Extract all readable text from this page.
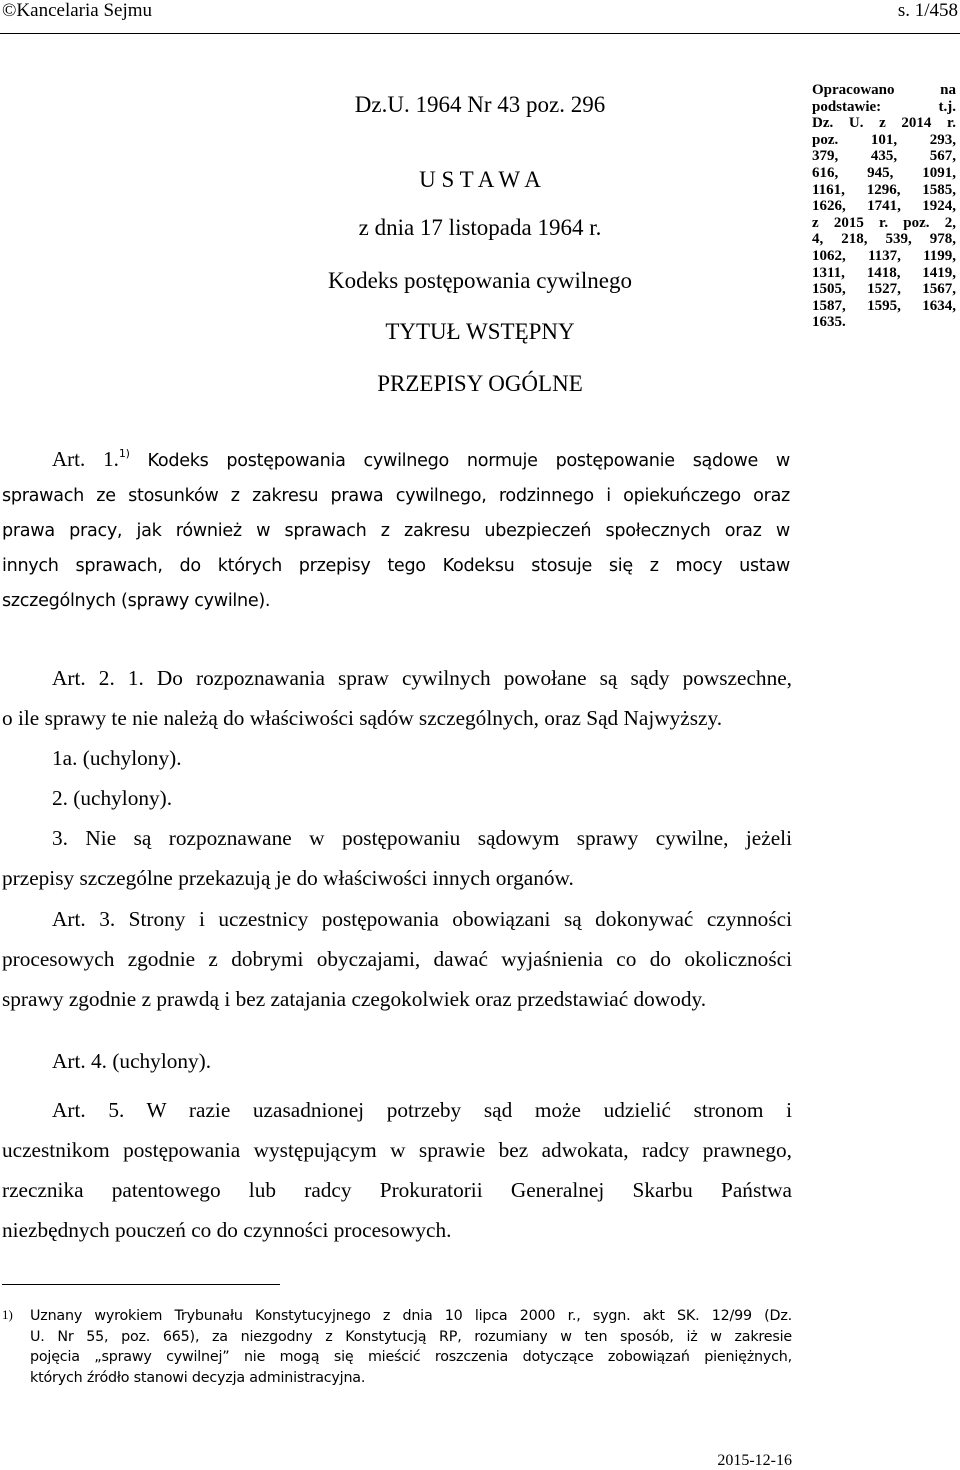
©Kancelaria Sejmu	s. 1/458
Dz.U. 1964 Nr 43 poz. 296
U S T A W A
z dnia 17 listopada 1964 r.
Kodeks postępowania cywilnego
TYTUŁ WSTĘPNY
PRZEPISY OGÓLNE
Opracowano na
podstawie: t.j.
Dz. U. z 2014 r.
poz. 101, 293,
379, 435, 567,
616, 945, 1091,
1161, 1296, 1585,
1626, 1741, 1924,
z 2015 r. poz. 2,
4, 218, 539, 978,
1062, 1137, 1199,
1311, 1418, 1419,
1505, 1527, 1567,
1587, 1595, 1634,
1635.
Art. 1.$^{1)}$ Kodeks postępowania cywilnego normuje postępowanie sądowe w
sprawach ze stosunków z zakresu prawa cywilnego, rodzinnego i opiekuńczego oraz
prawa pracy, jak również w sprawach z zakresu ubezpieczeń społecznych oraz w
innych sprawach, do których przepisy tego Kodeksu stosuje się z mocy ustaw
szczególnych (sprawy cywilne).
Art. 2. 1. Do rozpoznawania spraw cywilnych powołane są sądy powszechne,
o ile sprawy te nie należą do właściwości sądów szczególnych, oraz Sąd Najwyższy.
1a. (uchylony).
2. (uchylony).
3. Nie są rozpoznawane w postępowaniu sądowym sprawy cywilne, jeżeli
przepisy szczególne przekazują je do właściwości innych organów.
Art. 3. Strony i uczestnicy postępowania obowiązani są dokonywać czynności
procesowych zgodnie z dobrymi obyczajami, dawać wyjaśnienia co do okoliczności
sprawy zgodnie z prawdą i bez zatajania czegokolwiek oraz przedstawiać dowody.
Art. 4. (uchylony).
Art. 5. W razie uzasadnionej potrzeby sąd może udzielić stronom i
uczestnikom postępowania występującym w sprawie bez adwokata, radcy prawnego,
rzecznika patentowego lub radcy Prokuratorii Generalnej Skarbu Państwa
niezbędnych pouczeń co do czynności procesowych.
1) Uznany wyrokiem Trybunału Konstytucyjnego z dnia 10 lipca 2000 r., sygn. akt SK. 12/99 (Dz.
U. Nr 55, poz. 665), za niezgodny z Konstytucją RP, rozumiany w ten sposób, iż w zakresie
pojęcia „sprawy cywilnej” nie mogą się mieścić roszczenia dotyczące zobowiązań pieniężnych,
których źródło stanowi decyzja administracyjna.
2015-12-16
